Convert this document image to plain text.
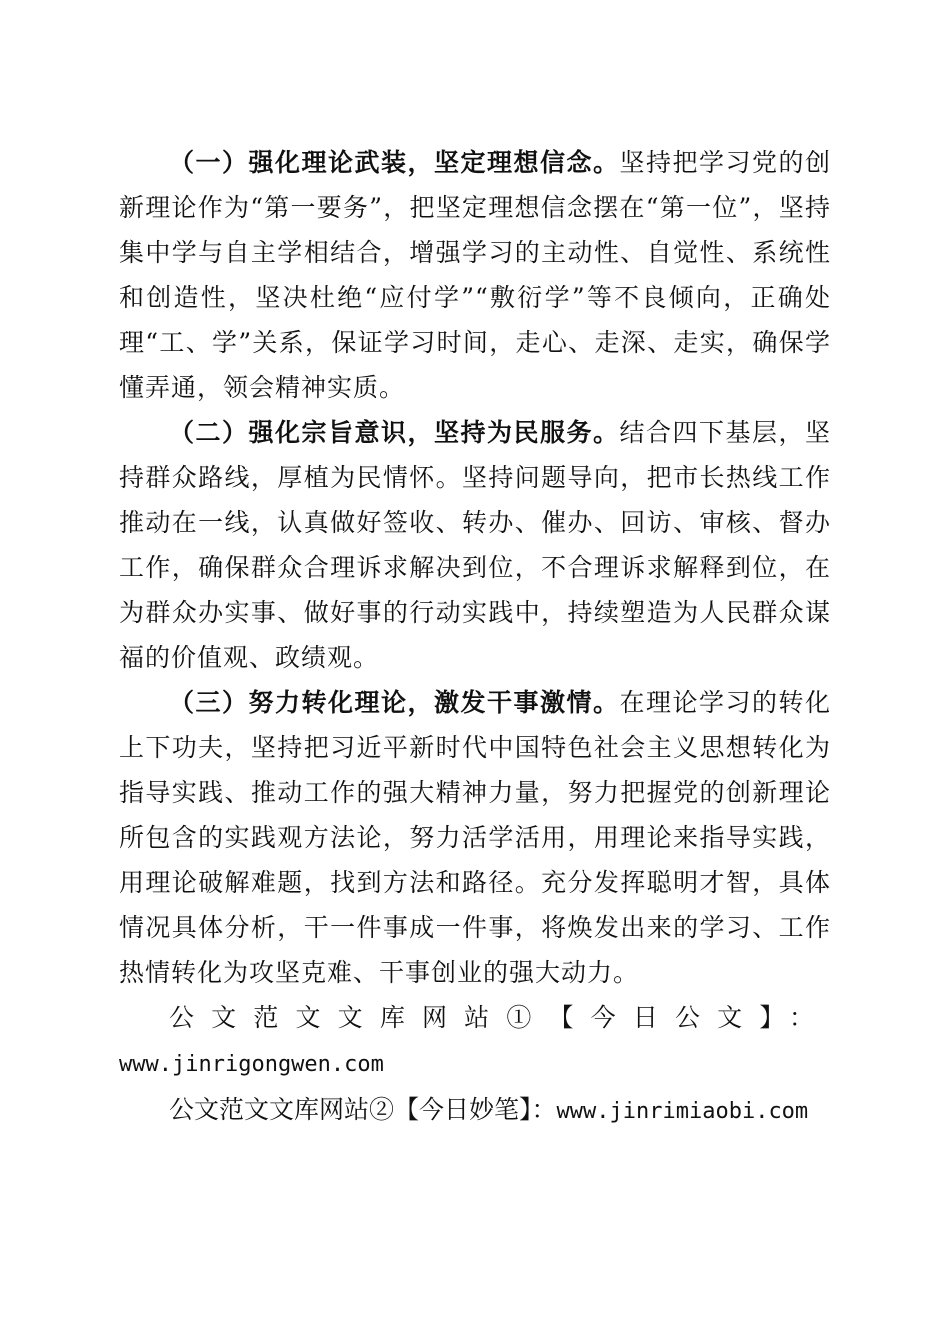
（一）强化理论武装，坚定理想信念。坚持把学习党的创新理论作为“第一要务”，把坚定理想信念摆在“第一位”，坚持集中学与自主学相结合，增强学习的主动性、自觉性、系统性和创造性，坚决杜绝“应付学”“敷衍学”等不良倾向，正确处理“工、学”关系，保证学习时间，走心、走深、走实，确保学懂弄通，领会精神实质。

（二）强化宗旨意识，坚持为民服务。结合四下基层，坚持群众路线，厚植为民情怀。坚持问题导向，把市长热线工作推动在一线，认真做好签收、转办、催办、回访、审核、督办工作，确保群众合理诉求解决到位，不合理诉求解释到位，在为群众办实事、做好事的行动实践中，持续塑造为人民群众谋福的价值观、政绩观。

（三）努力转化理论，激发干事激情。在理论学习的转化上下功夫，坚持把习近平新时代中国特色社会主义思想转化为指导实践、推动工作的强大精神力量，努力把握党的创新理论所包含的实践观方法论，努力活学活用，用理论来指导实践，用理论破解难题，找到方法和路径。充分发挥聪明才智，具体情况具体分析，干一件事成一件事，将焕发出来的学习、工作热情转化为攻坚克难、干事创业的强大动力。

公文范文文库网站①【今日公文】：www.jinrigongwen.com

公文范文文库网站②【今日妙笔】：www.jinrimiaobi.com
